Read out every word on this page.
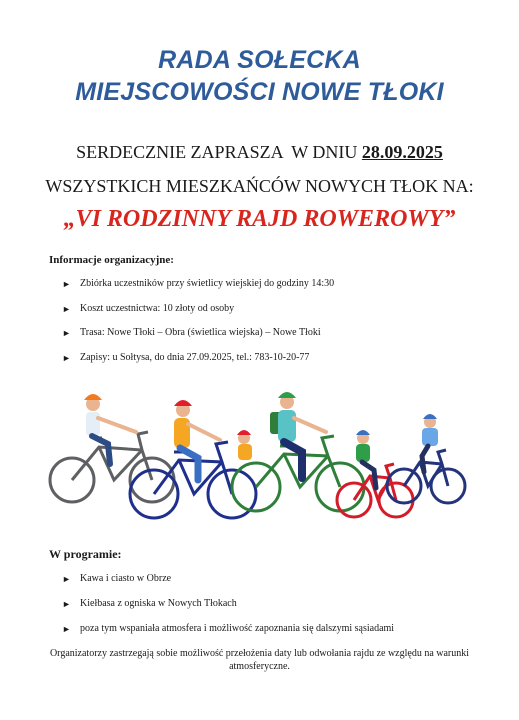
RADA SOŁECKA
MIEJSCOWOŚCI NOWE TŁOKI
SERDECZNIE ZAPRASZA  W DNIU 28.09.2025
WSZYSTKICH MIESZKAŃCÓW NOWYCH TŁOK NA:
„VI RODZINNY RAJD ROWEROWY”
Informacje organizacyjne:
► Zbiórka uczestników przy świetlicy wiejskiej do godziny 14:30
► Koszt uczestnictwa: 10 złoty od osoby
► Trasa: Nowe Tłoki – Obra (świetlica wiejska) – Nowe Tłoki
► Zapisy: u Sołtysa, do dnia 27.09.2025, tel.: 783-10-20-77
W programie:
► Kawa i ciasto w Obrze
► Kiełbasa z ogniska w Nowych Tłokach
► poza tym wspaniała atmosfera i możliwość zapoznania się dalszymi sąsiadami
Organizatorzy zastrzegają sobie możliwość przełożenia daty lub odwołania rajdu ze względu na warunki atmosferyczne.
